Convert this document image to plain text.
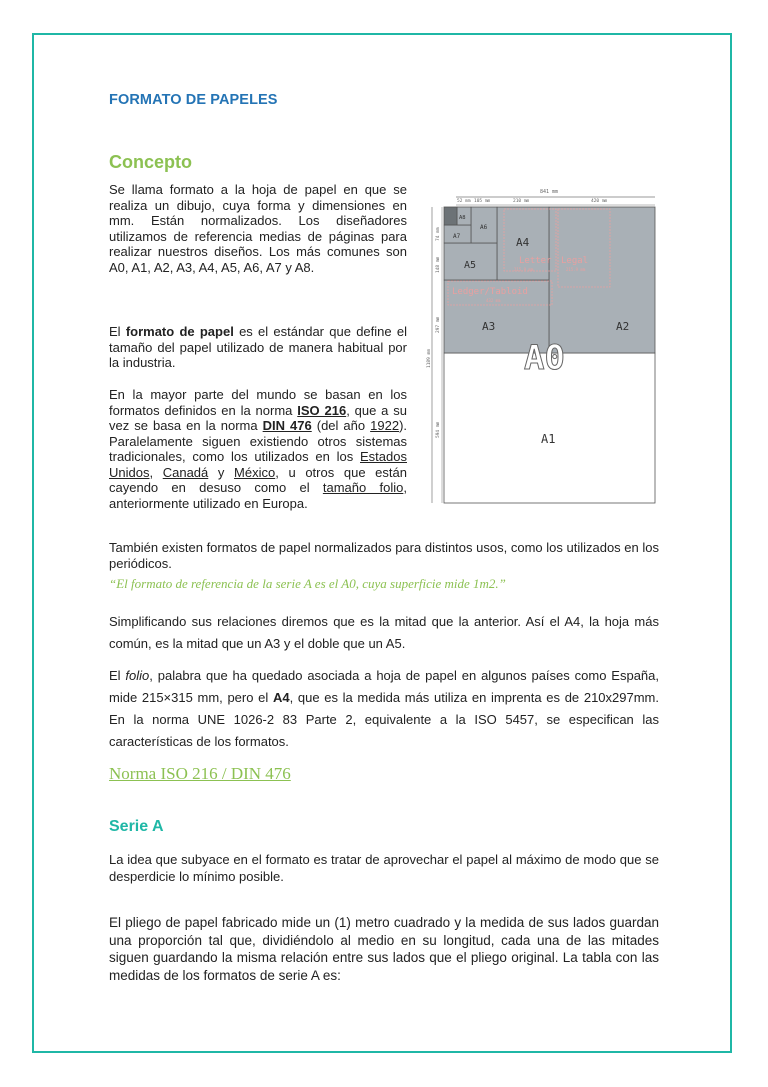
FORMATO DE PAPELES
Concepto

Se llama formato a la hoja de papel en que se realiza un dibujo, cuya forma y dimensiones en mm. Están normalizados. Los diseñadores utilizamos de referencia medias de páginas para realizar nuestros diseños. Los más comunes son A0, A1, A2, A3, A4, A5, A6, A7 y A8.

El formato de papel es el estándar que define el tamaño del papel utilizado de manera habitual por la industria.

En la mayor parte del mundo se basan en los formatos definidos en la norma ISO 216, que a su vez se basa en la norma DIN 476 (del año 1922). Paralelamente siguen existiendo otros sistemas tradicionales, como los utilizados en los Estados Unidos, Canadá y México, u otros que están cayendo en desuso como el tamaño folio, anteriormente utilizado en Europa.

841 mm
52 mm 105 mm	210 mm	420 mm
1189 mm
74 mm
148 mm
297 mm
594 mm
A1
A2
A3
A4
A5
A6
A7
A8
Letter
215.9 mm
Legal
215.9 mm
Ledger/Tabloid
432 mm
A0

También existen formatos de papel normalizados para distintos usos, como los utilizados en los periódicos.

“El formato de referencia de la serie A es el A0, cuya superficie mide 1m2.”

Simplificando sus relaciones diremos que es la mitad que la anterior. Así el A4, la hoja más común, es la mitad que un A3 y el doble que un A5.

El folio, palabra que ha quedado asociada a hoja de papel en algunos países como España, mide 215×315 mm, pero el A4, que es la medida más utiliza en imprenta es de 210x297mm. En la norma UNE 1026-2 83 Parte 2, equivalente a la ISO 5457, se especifican las características de los formatos.

Norma ISO 216 / DIN 476
Serie A

La idea que subyace en el formato es tratar de aprovechar el papel al máximo de modo que se desperdicie lo mínimo posible.

El pliego de papel fabricado mide un (1) metro cuadrado y la medida de sus lados guardan una proporción tal que, dividiéndolo al medio en su longitud, cada una de las mitades siguen guardando la misma relación entre sus lados que el pliego original. La tabla con las medidas de los formatos de serie A es:
